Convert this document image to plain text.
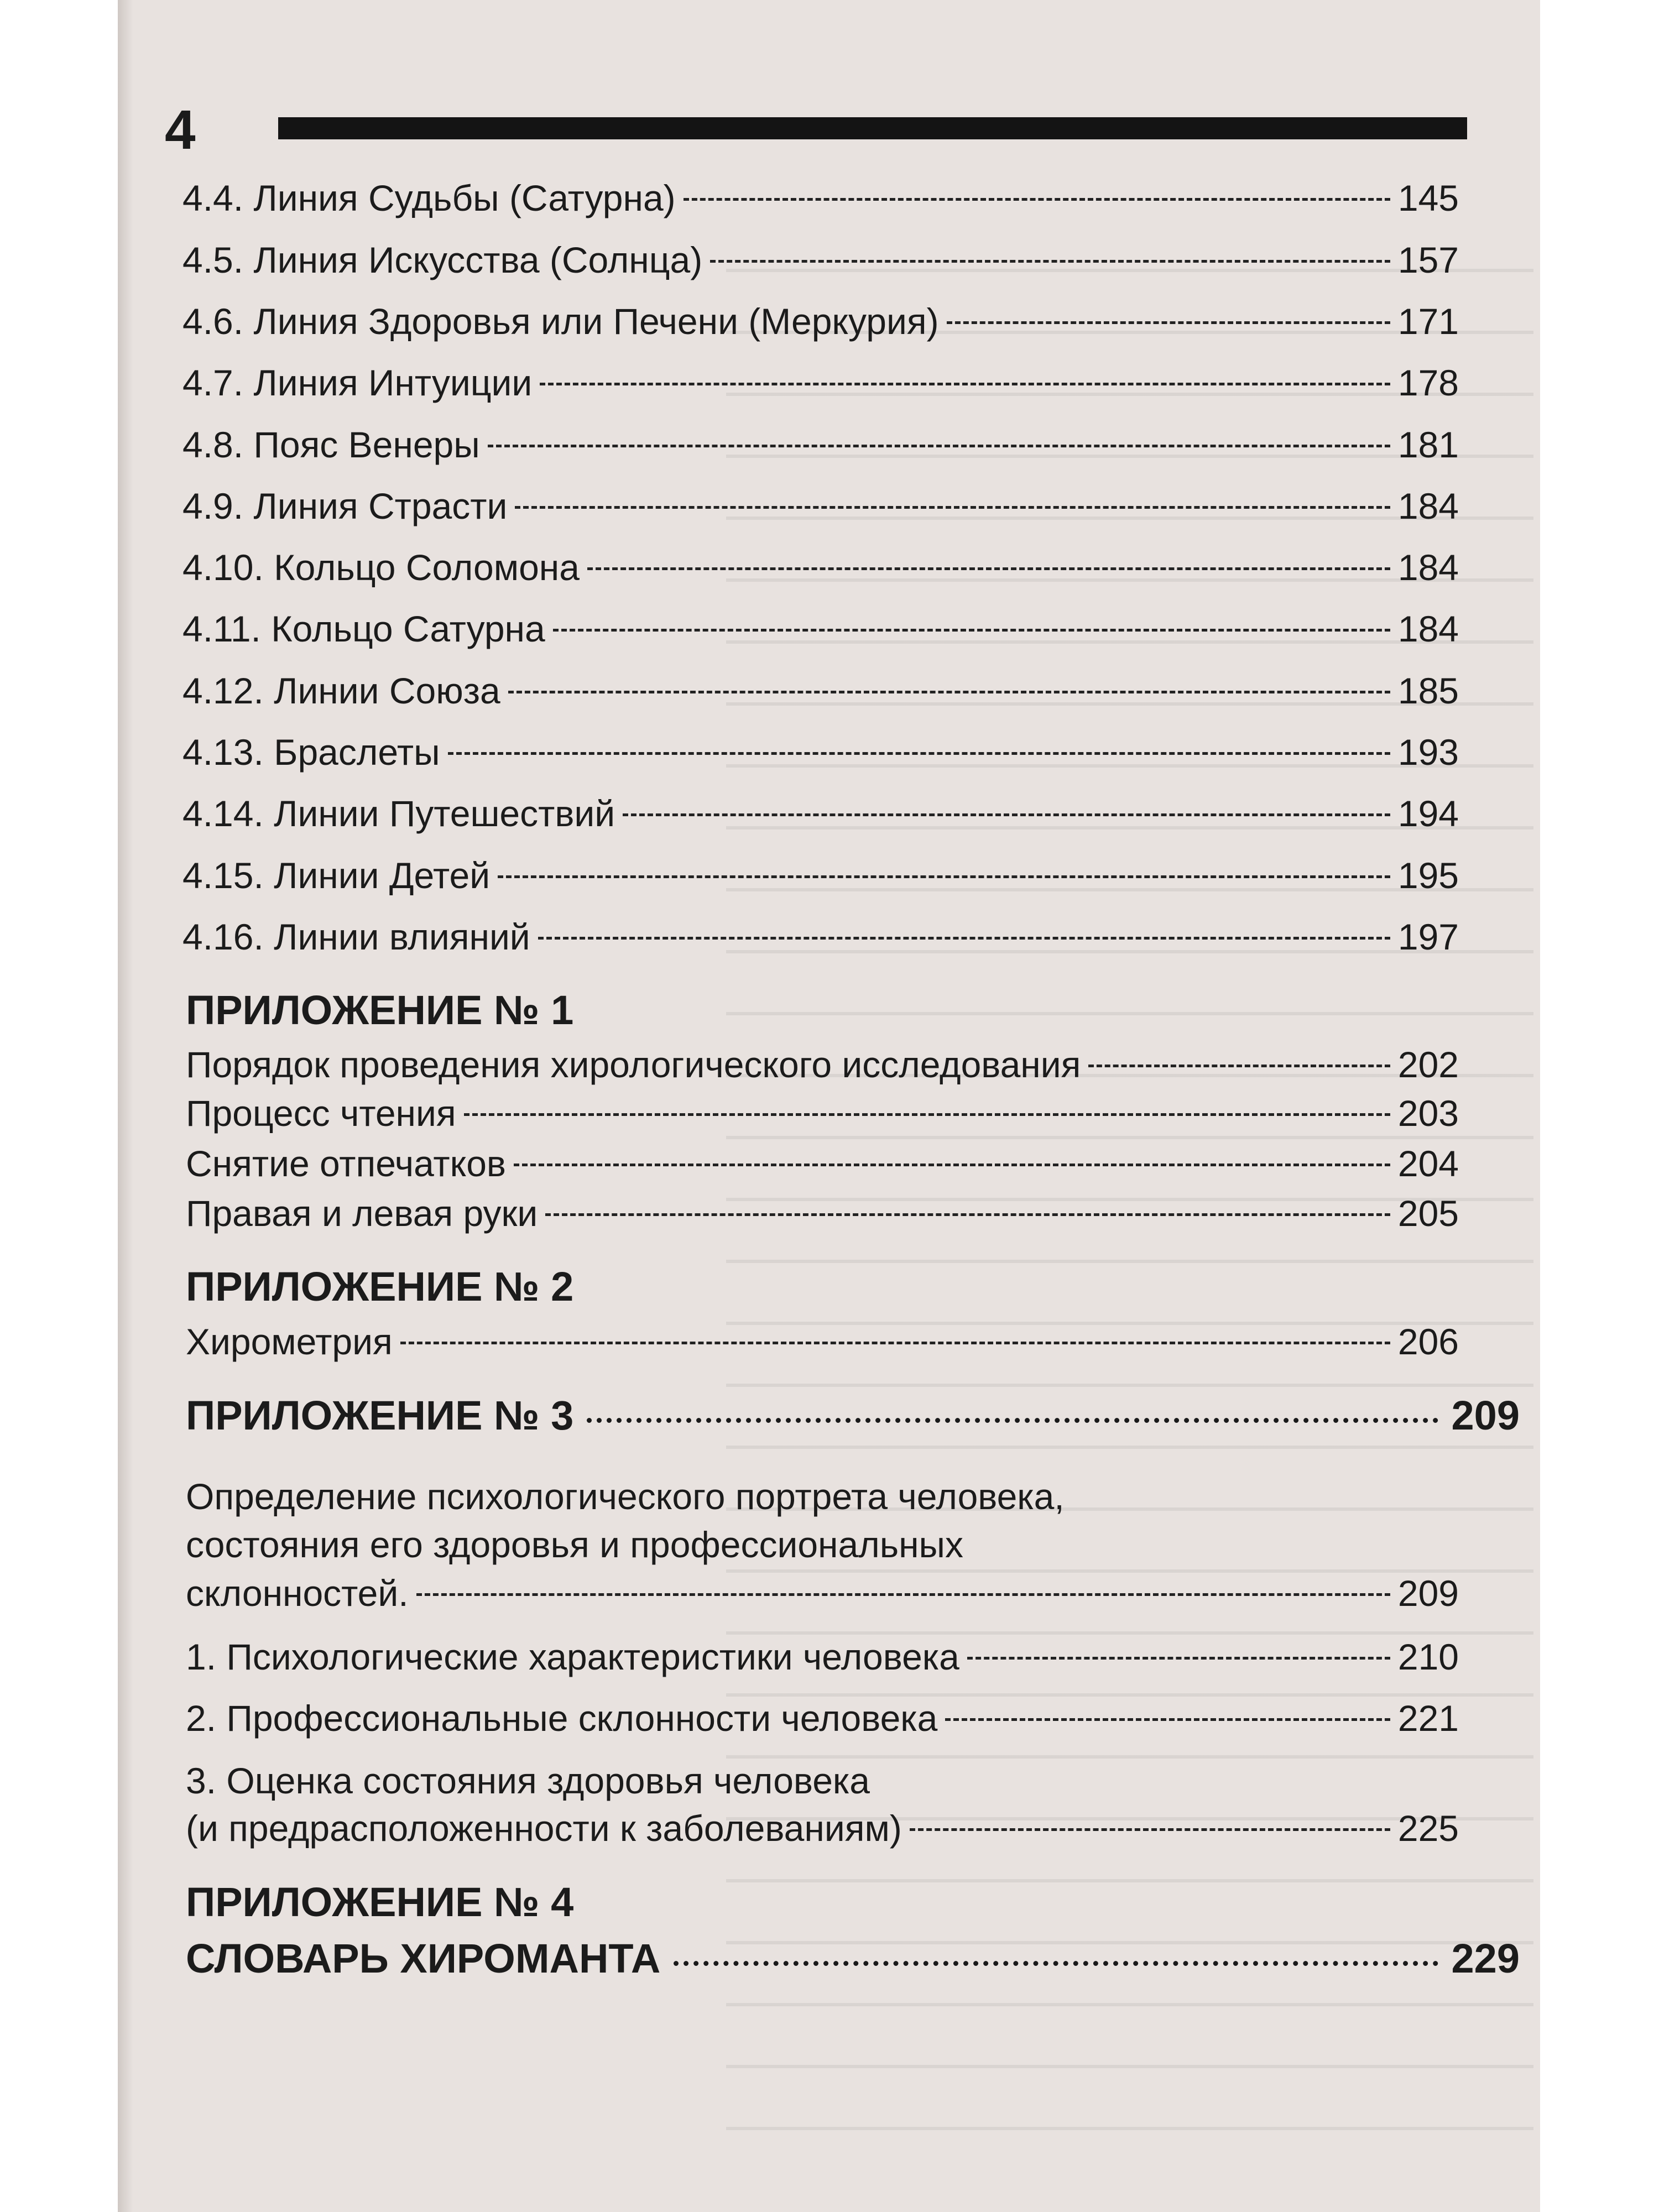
4
4.4. Линия Судьбы (Сатурна)	145
4.5. Линия Искусства (Солнца)	157
4.6. Линия Здоровья или Печени (Меркурия)	171
4.7. Линия Интуиции	178
4.8. Пояс Венеры	181
4.9. Линия Страсти	184
4.10. Кольцо Соломона	184
4.11. Кольцо Сатурна	184
4.12. Линии Союза	185
4.13. Браслеты	193
4.14. Линии Путешествий	194
4.15. Линии Детей	195
4.16. Линии влияний	197
ПРИЛОЖЕНИЕ № 1
Порядок проведения хирологического исследования	202
Процесс чтения	203
Снятие отпечатков	204
Правая и левая руки	205
ПРИЛОЖЕНИЕ № 2
Хирометрия	206
ПРИЛОЖЕНИЕ № 3	209
Определение психологического портрета человека,
состояния его здоровья и профессиональных
склонностей.	209
1. Психологические характеристики человека	210
2. Профессиональные склонности человека	221
3. Оценка состояния здоровья человека
(и предрасположенности к заболеваниям)	225
ПРИЛОЖЕНИЕ № 4
СЛОВАРЬ ХИРОМАНТА	229
